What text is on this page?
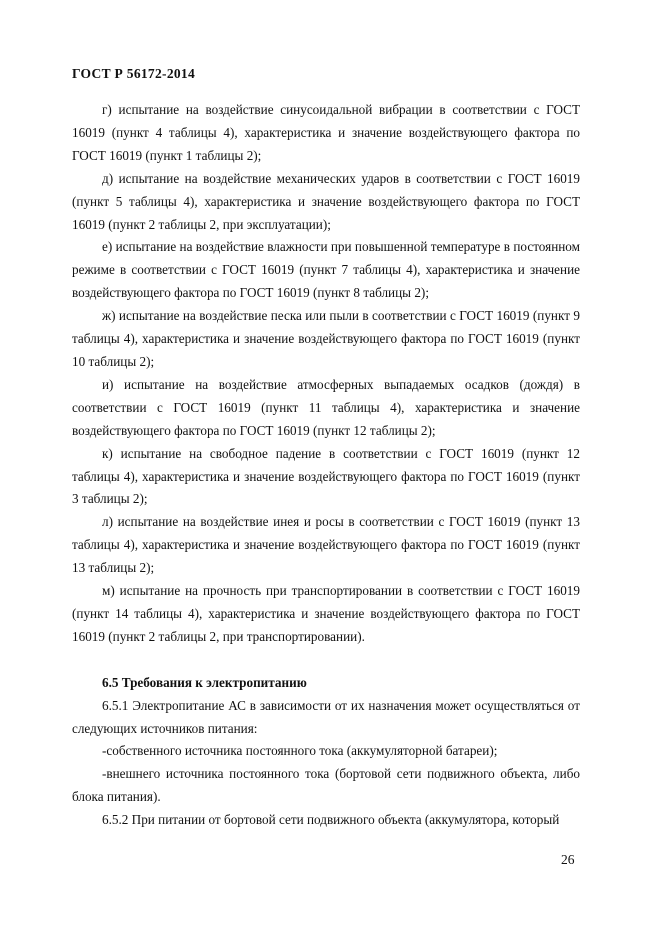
ГОСТ Р 56172-2014

г) испытание на воздействие синусоидальной вибрации в соответствии с ГОСТ 16019 (пункт 4 таблицы 4), характеристика и значение воздействующего фактора по ГОСТ 16019 (пункт 1 таблицы 2);

д) испытание на воздействие механических ударов в соответствии с ГОСТ 16019 (пункт 5 таблицы 4), характеристика и значение воздействующего фактора по ГОСТ 16019 (пункт 2 таблицы 2, при эксплуатации);

е) испытание на воздействие влажности при повышенной температуре в постоянном режиме в соответствии с ГОСТ 16019 (пункт 7 таблицы 4), характеристика и значение воздействующего фактора по ГОСТ 16019 (пункт 8 таблицы 2);

ж) испытание на воздействие песка или пыли в соответствии с ГОСТ 16019 (пункт 9 таблицы 4), характеристика и значение воздействующего фактора по ГОСТ 16019 (пункт 10 таблицы 2);

и) испытание на воздействие атмосферных выпадаемых осадков (дождя) в соответствии с ГОСТ 16019 (пункт 11 таблицы 4), характеристика и значение воздействующего фактора по ГОСТ 16019 (пункт 12 таблицы 2);

к) испытание на свободное падение в соответствии с ГОСТ 16019 (пункт 12 таблицы 4), характеристика и значение воздействующего фактора по ГОСТ 16019 (пункт 3 таблицы 2);

л) испытание на воздействие инея и росы в соответствии с ГОСТ 16019 (пункт 13 таблицы 4), характеристика и значение воздействующего фактора по ГОСТ 16019 (пункт 13 таблицы 2);

м) испытание на прочность при транспортировании в соответствии с ГОСТ 16019 (пункт 14 таблицы 4), характеристика и значение воздействующего фактора по ГОСТ 16019 (пункт 2 таблицы 2, при транспортировании).

6.5 Требования к электропитанию

6.5.1 Электропитание АС в зависимости от их назначения может осуществляться от следующих источников питания:

-собственного источника постоянного тока (аккумуляторной батареи);

-внешнего источника постоянного тока (бортовой сети подвижного объекта, либо блока питания).

6.5.2 При питании от бортовой сети подвижного объекта (аккумулятора, который

26
